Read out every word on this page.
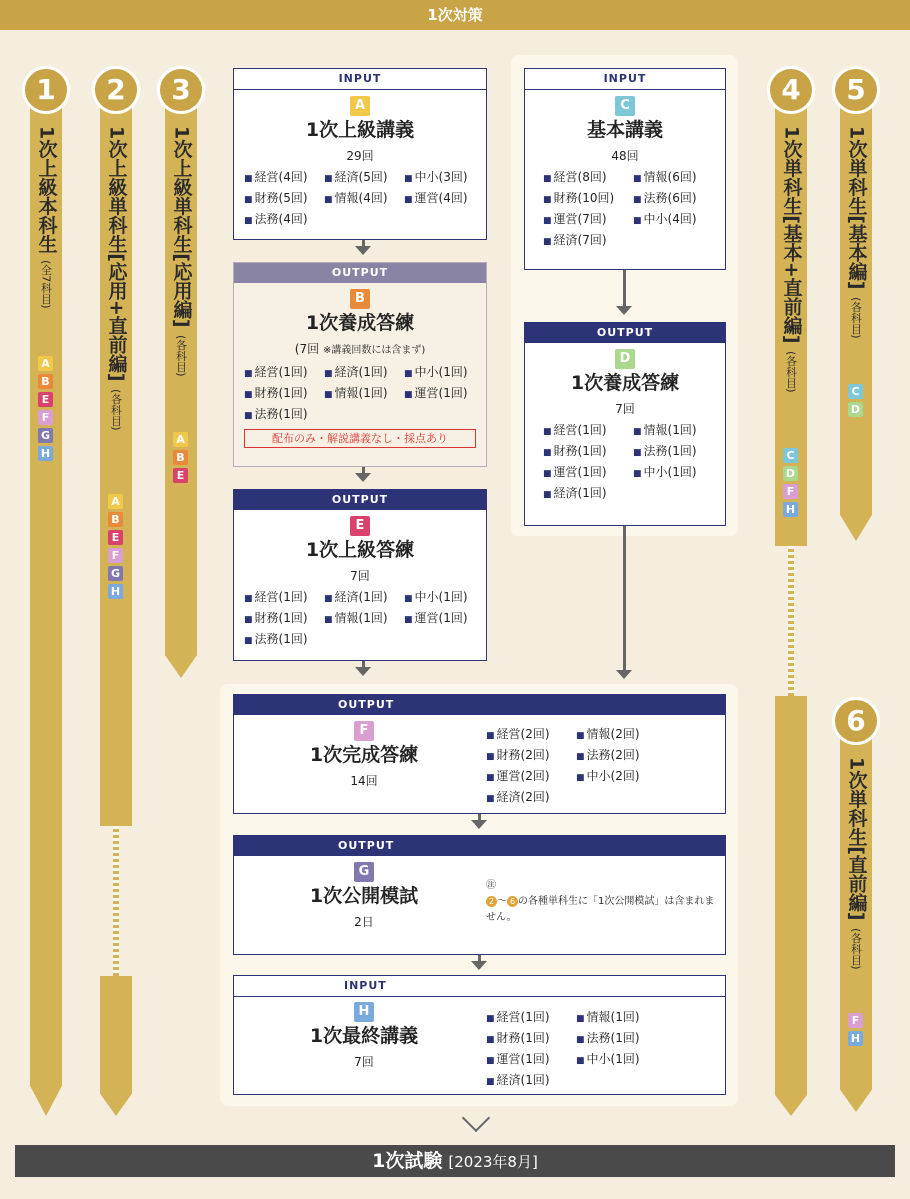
1次対策
1
1次上級本科生 (全7科目)
A
B
E
F
G
H
2
1次上級単科生[応用+直前編] (各科目)
A
B
E
F
G
H
3
1次上級単科生[応用編] (各科目)
A
B
E
4
1次単科生[基本+直前編] (各科目)
C
D
F
H
5
1次単科生[基本編] (各科目)
C
D
6
1次単科生[直前編] (各科目)
F
H
INPUT
A
1次上級講義
29回
■ 経営(4回)	■ 経済(5回)	■ 中小(3回)
■ 財務(5回)	■ 情報(4回)	■ 運営(4回)
■ 法務(4回)
OUTPUT
B
1次養成答練
(7回 ※講義回数には含まず)
■ 経営(1回)	■ 経済(1回)	■ 中小(1回)
■ 財務(1回)	■ 情報(1回)	■ 運営(1回)
■ 法務(1回)
配布のみ・解説講義なし・採点あり
OUTPUT
E
1次上級答練
7回
■ 経営(1回)	■ 経済(1回)	■ 中小(1回)
■ 財務(1回)	■ 情報(1回)	■ 運営(1回)
■ 法務(1回)
INPUT
C
基本講義
48回
■ 経営(8回)	■ 情報(6回)
■ 財務(10回)	■ 法務(6回)
■ 運営(7回)	■ 中小(4回)
■ 経済(7回)
OUTPUT
D
1次養成答練
7回
■ 経営(1回)	■ 情報(1回)
■ 財務(1回)	■ 法務(1回)
■ 運営(1回)	■ 中小(1回)
■ 経済(1回)
OUTPUT
F
1次完成答練
14回
■ 経営(2回)	■ 情報(2回)
■ 財務(2回)	■ 法務(2回)
■ 運営(2回)	■ 中小(2回)
■ 経済(2回)
OUTPUT
G
1次公開模試
2日
㊟
2 ～ 6 の各種単科生に「1次公開模試」は含まれません。
INPUT
H
1次最終講義
7回
■ 経営(1回)	■ 情報(1回)
■ 財務(1回)	■ 法務(1回)
■ 運営(1回)	■ 中小(1回)
■ 経済(1回)
1次試験 [2023年8月]
